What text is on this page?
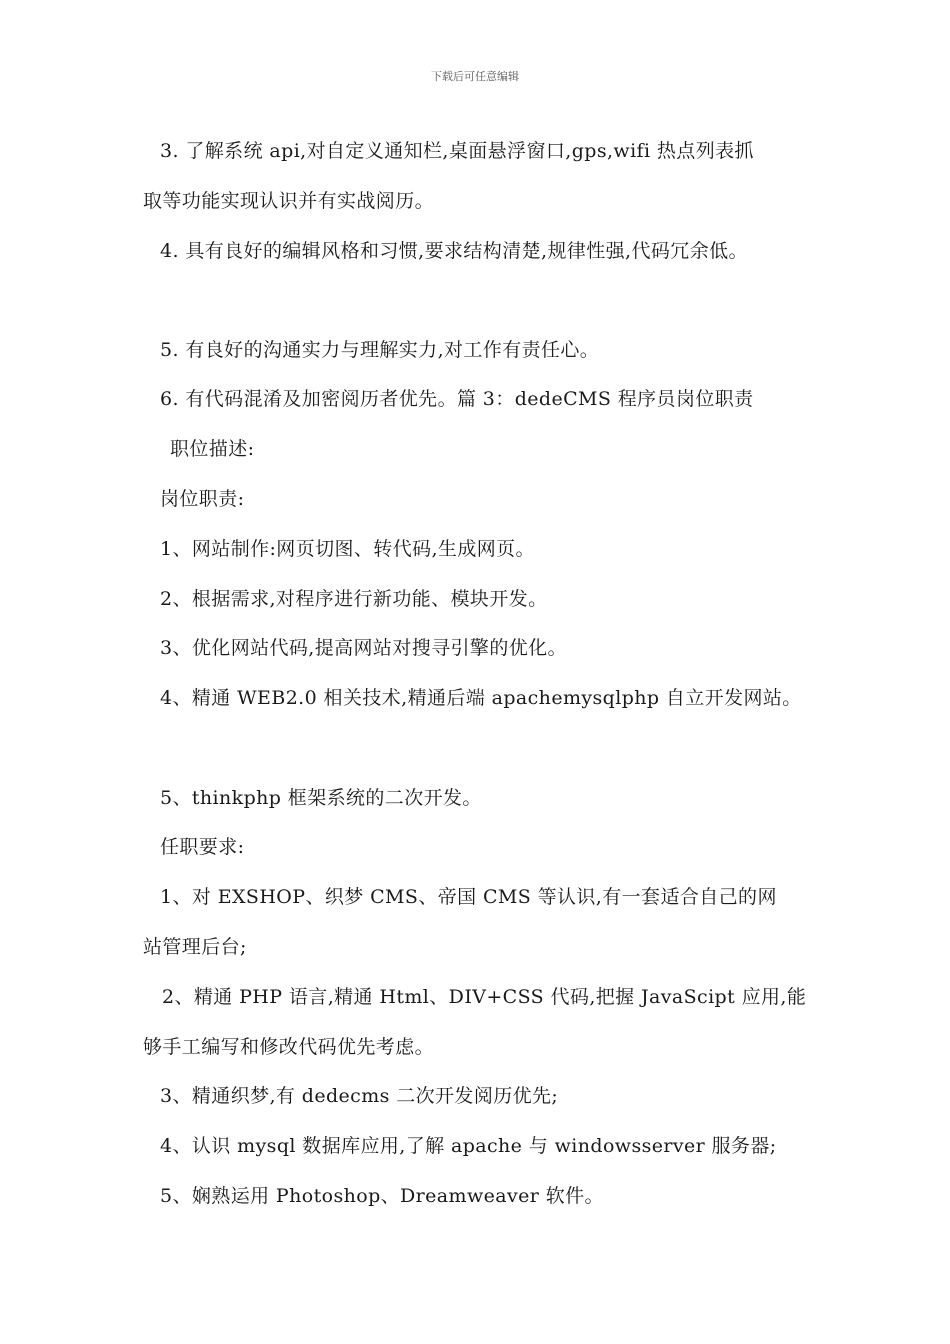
下载后可任意编辑
3. 了解系统 api,对自定义通知栏,桌面悬浮窗口,gps,wifi 热点列表抓
取等功能实现认识并有实战阅历。
4. 具有良好的编辑风格和习惯,要求结构清楚,规律性强,代码冗余低。
5. 有良好的沟通实力与理解实力,对工作有责任心。
6. 有代码混淆及加密阅历者优先。篇 3：dedeCMS 程序员岗位职责
职位描述:
岗位职责:
1、网站制作:网页切图、转代码,生成网页。
2、根据需求,对程序进行新功能、模块开发。
3、优化网站代码,提高网站对搜寻引擎的优化。
4、精通 WEB2.0 相关技术,精通后端 apachemysqlphp 自立开发网站。
5、thinkphp 框架系统的二次开发。
任职要求:
1、对 EXSHOP、织梦 CMS、帝国 CMS 等认识,有一套适合自己的网
站管理后台;
2、精通 PHP 语言,精通 Html、DIV+CSS 代码,把握 JavaScipt 应用,能
够手工编写和修改代码优先考虑。
3、精通织梦,有 dedecms 二次开发阅历优先;
4、认识 mysql 数据库应用,了解 apache 与 windowsserver 服务器;
5、娴熟运用 Photoshop、Dreamweaver 软件。
